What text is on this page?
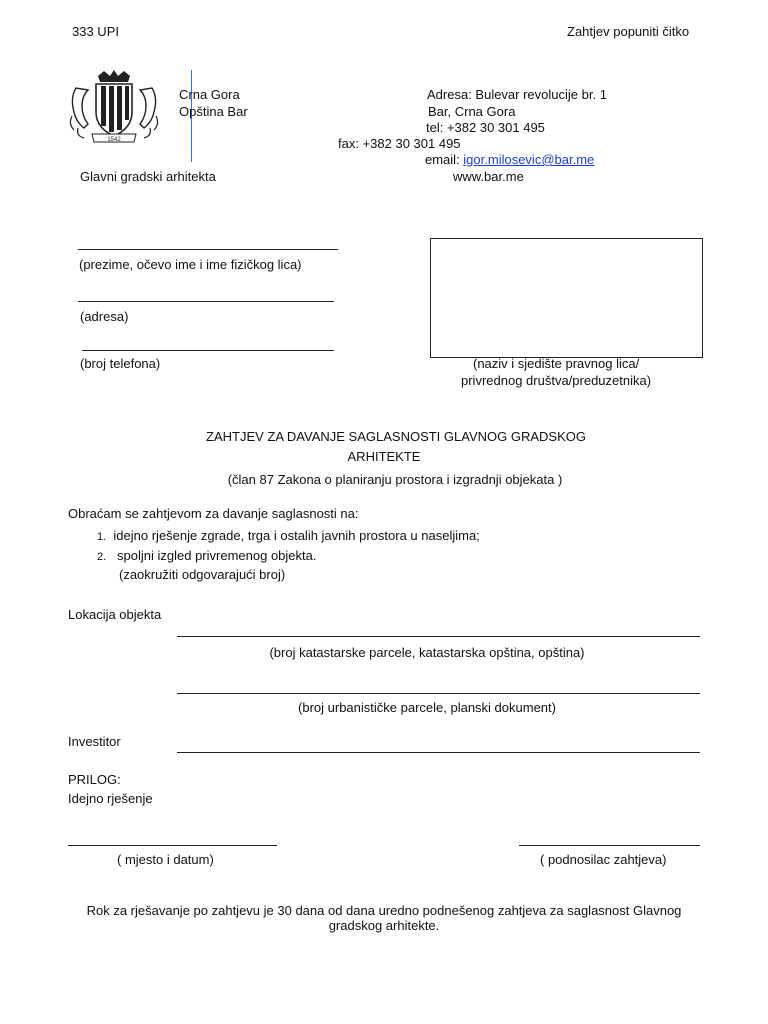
333 UPI	Zahtjev popuniti čitko
1542
Crna Gora
Opština Bar
Glavni gradski arhitekta
Adresa: Bulevar revolucije br. 1
Bar, Crna Gora
tel: +382 30 301 495
fax: +382 30 301 495
email: igor.milosevic@bar.me
www.bar.me
(prezime, očevo ime i ime fizičkog lica)
(adresa)
(broj telefona)	(naziv i sjedište pravnog lica/
privrednog društva/preduzetnika)
ZAHTJEV ZA DAVANJE SAGLASNOSTI GLAVNOG GRADSKOG
ARHITEKTE
(član 87 Zakona o planiranju prostora i izgradnji objekata )
Obraćam se zahtjevom za davanje saglasnosti na:
1. idejno rješenje zgrade, trga i ostalih javnih prostora u naseljima;
2. spoljni izgled privremenog objekta.
(zaokružiti odgovarajući broj)
Lokacija objekta
(broj katastarske parcele, katastarska opština, opština)
(broj urbanističke parcele, planski dokument)
Investitor
PRILOG:
Idejno rješenje
( mjesto i datum)	( podnosilac zahtjeva)
Rok za rješavanje po zahtjevu je 30 dana od dana uredno podnešenog zahtjeva za saglasnost Glavnog
gradskog arhitekte.
